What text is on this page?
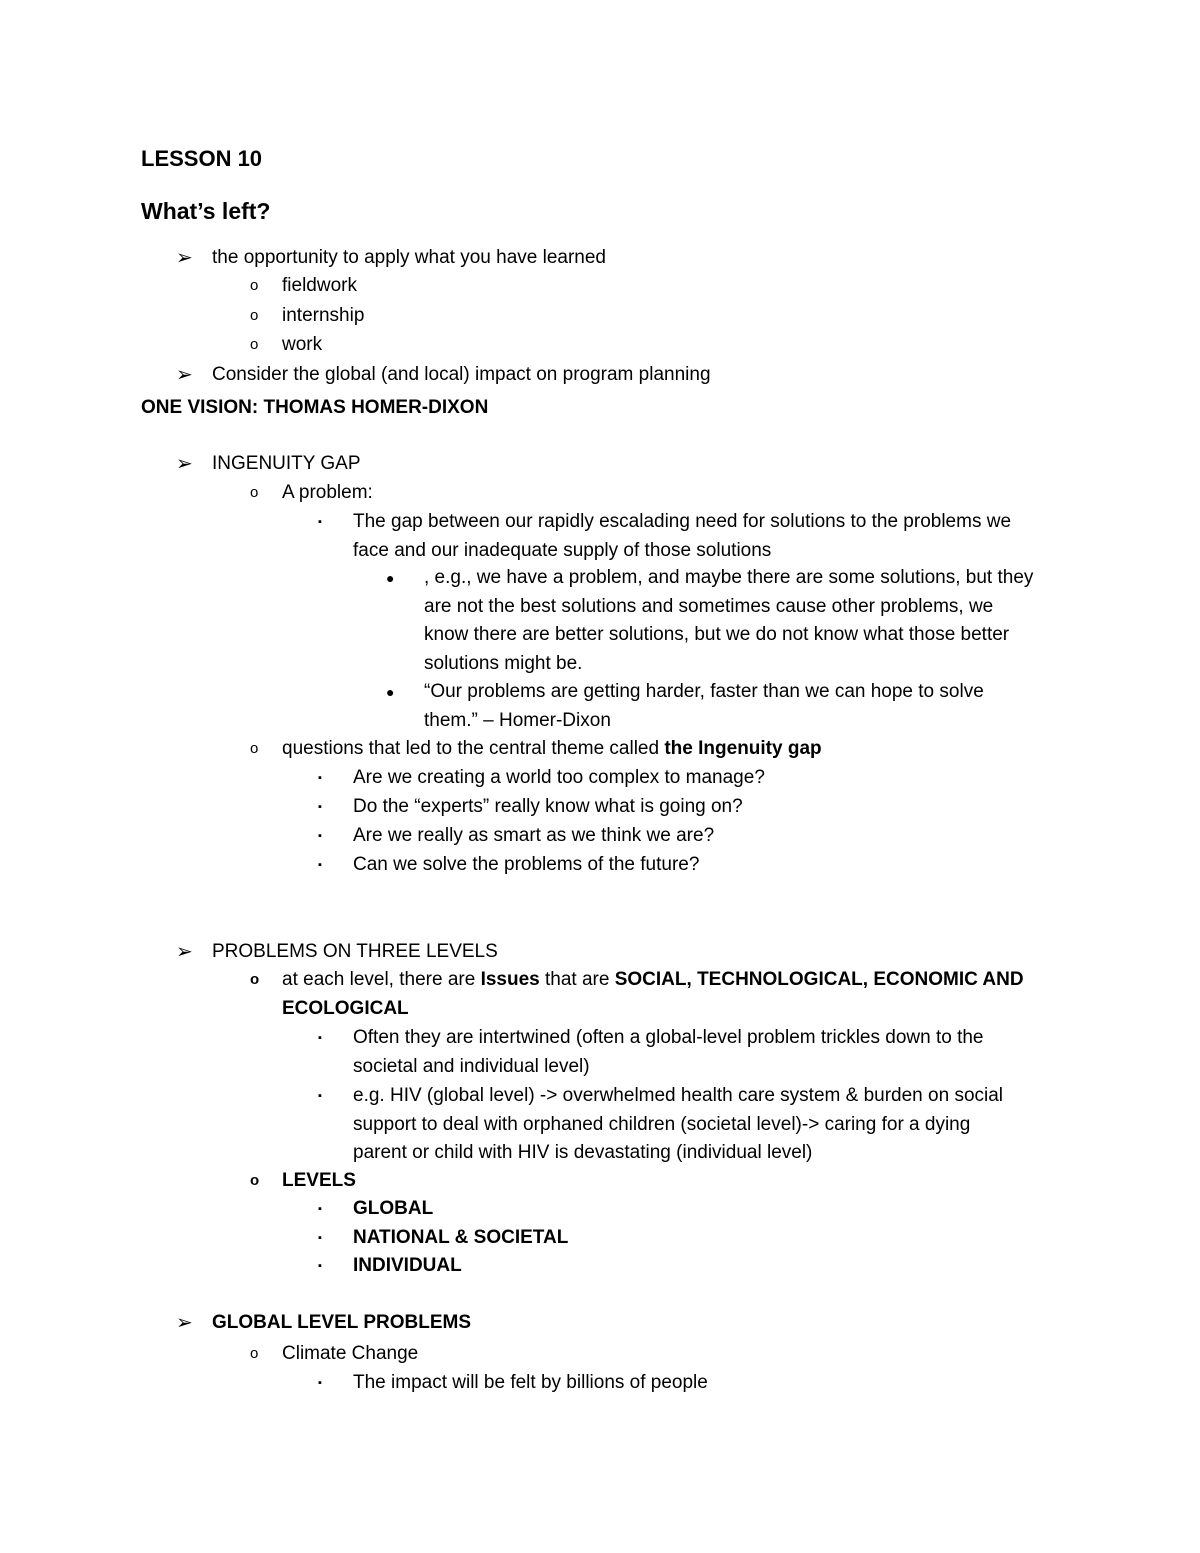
LESSON 10
What’s left?
➢ the opportunity to apply what you have learned
o fieldwork
o internship
o work
➢ Consider the global (and local) impact on program planning
ONE VISION: THOMAS HOMER-DIXON
➢ INGENUITY GAP
o A problem:
▪ The gap between our rapidly escalading need for solutions to the problems we
face and our inadequate supply of those solutions
● , e.g., we have a problem, and maybe there are some solutions, but they
are not the best solutions and sometimes cause other problems, we
know there are better solutions, but we do not know what those better
solutions might be.
● “Our problems are getting harder, faster than we can hope to solve
them.” – Homer-Dixon
o questions that led to the central theme called the Ingenuity gap
▪ Are we creating a world too complex to manage?
▪ Do the “experts” really know what is going on?
▪ Are we really as smart as we think we are?
▪ Can we solve the problems of the future?
➢ PROBLEMS ON THREE LEVELS
o at each level, there are Issues that are SOCIAL, TECHNOLOGICAL, ECONOMIC AND
ECOLOGICAL
▪ Often they are intertwined (often a global-level problem trickles down to the
societal and individual level)
▪ e.g. HIV (global level) -> overwhelmed health care system & burden on social
support to deal with orphaned children (societal level)-> caring for a dying
parent or child with HIV is devastating (individual level)
o LEVELS
▪ GLOBAL
▪ NATIONAL & SOCIETAL
▪ INDIVIDUAL
➢ GLOBAL LEVEL PROBLEMS
o Climate Change
▪ The impact will be felt by billions of people
